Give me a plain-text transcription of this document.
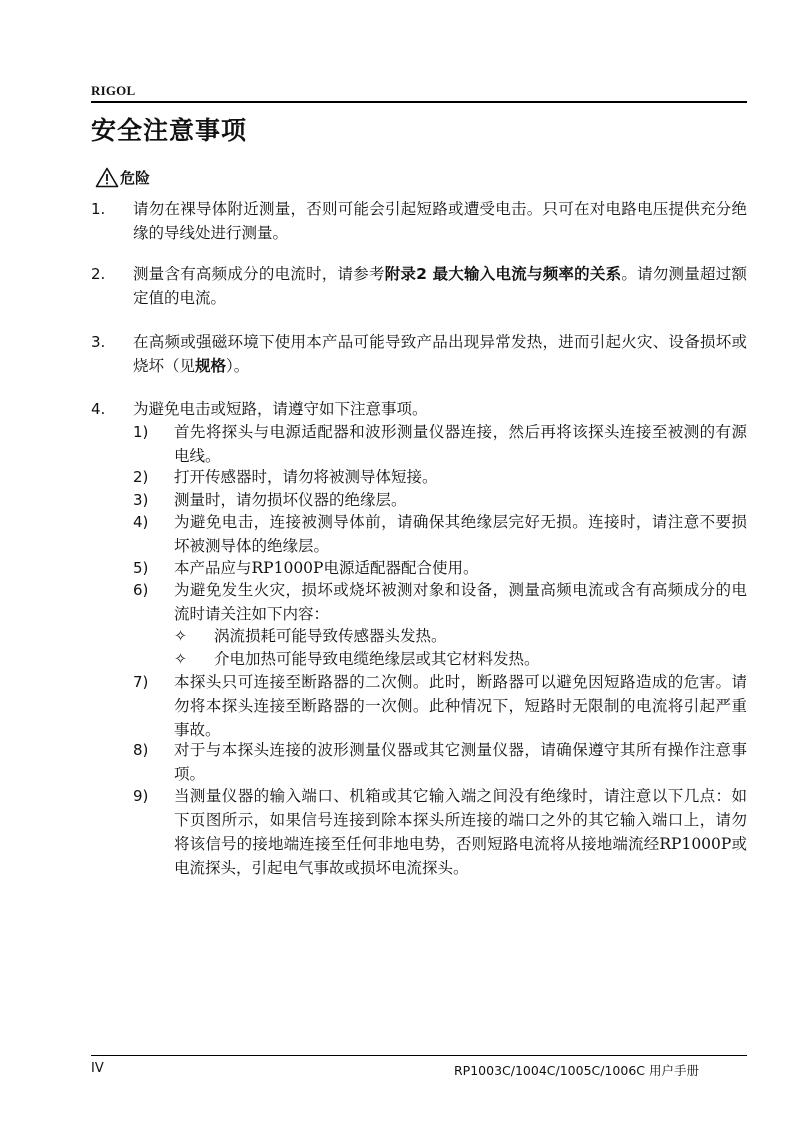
RIGOL
安全注意事项
危险
1. 请勿在裸导体附近测量，否则可能会引起短路或遭受电击。只可在对电路电压提供充分绝缘的导线处进行测量。
2. 测量含有高频成分的电流时，请参考附录2 最大输入电流与频率的关系。请勿测量超过额定值的电流。
3. 在高频或强磁环境下使用本产品可能导致产品出现异常发热，进而引起火灾、设备损坏或烧坏（见规格）。
4. 为避免电击或短路，请遵守如下注意事项。
1) 首先将探头与电源适配器和波形测量仪器连接，然后再将该探头连接至被测的有源电线。
2) 打开传感器时，请勿将被测导体短接。
3) 测量时，请勿损坏仪器的绝缘层。
4) 为避免电击，连接被测导体前，请确保其绝缘层完好无损。连接时，请注意不要损坏被测导体的绝缘层。
5) 本产品应与RP1000P电源适配器配合使用。
6) 为避免发生火灾，损坏或烧坏被测对象和设备，测量高频电流或含有高频成分的电流时请关注如下内容：
✧ 涡流损耗可能导致传感器头发热。
✧ 介电加热可能导致电缆绝缘层或其它材料发热。
7) 本探头只可连接至断路器的二次侧。此时，断路器可以避免因短路造成的危害。请勿将本探头连接至断路器的一次侧。此种情况下，短路时无限制的电流将引起严重事故。
8) 对于与本探头连接的波形测量仪器或其它测量仪器，请确保遵守其所有操作注意事项。
9) 当测量仪器的输入端口、机箱或其它输入端之间没有绝缘时，请注意以下几点：如下页图所示，如果信号连接到除本探头所连接的端口之外的其它输入端口上，请勿将该信号的接地端连接至任何非地电势，否则短路电流将从接地端流经RP1000P或电流探头，引起电气事故或损坏电流探头。
IV	RP1003C/1004C/1005C/1006C 用户手册
